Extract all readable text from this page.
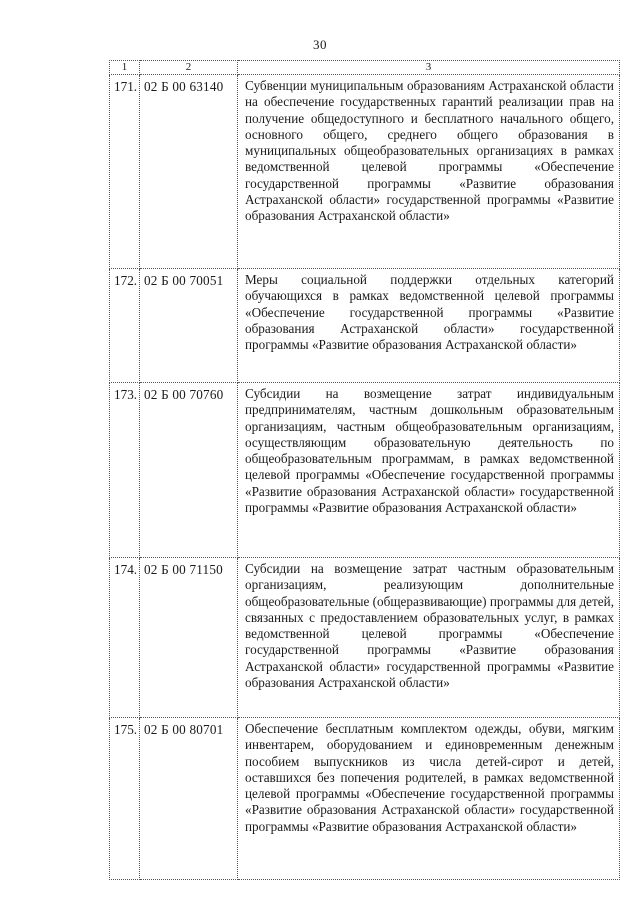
30
1	2	3
171.	02 Б 00 63140	Субвенции муниципальным образованиям Астраханской области на обеспечение государственных гарантий реализации прав на получение общедоступного и бесплатного начального общего, основного общего, среднего общего образования в муниципальных общеобразовательных организациях в рамках ведомственной целевой программы «Обеспечение государственной программы «Развитие образования Астраханской области» государственной программы «Развитие образования Астраханской области»
172.	02 Б 00 70051	Меры социальной поддержки отдельных категорий обучающихся в рамках ведомственной целевой программы «Обеспечение государственной программы «Развитие образования Астраханской области» государственной программы «Развитие образования Астраханской области»
173.	02 Б 00 70760	Субсидии на возмещение затрат индивидуальным предпринимателям, частным дошкольным образовательным организациям, частным общеобразовательным организациям, осуществляющим образовательную деятельность по общеобразовательным программам, в рамках ведомственной целевой программы «Обеспечение государственной программы «Развитие образования Астраханской области» государственной программы «Развитие образования Астраханской области»
174.	02 Б 00 71150	Субсидии на возмещение затрат частным образовательным организациям, реализующим дополнительные общеобразовательные (общеразвивающие) программы для детей, связанных с предоставлением образовательных услуг, в рамках ведомственной целевой программы «Обеспечение государственной программы «Развитие образования Астраханской области» государственной программы «Развитие образования Астраханской области»
175.	02 Б 00 80701	Обеспечение бесплатным комплектом одежды, обуви, мягким инвентарем, оборудованием и единовременным денежным пособием выпускников из числа детей-сирот и детей, оставшихся без попечения родителей, в рамках ведомственной целевой программы «Обеспечение государственной программы «Развитие образования Астраханской области» государственной программы «Развитие образования Астраханской области»
